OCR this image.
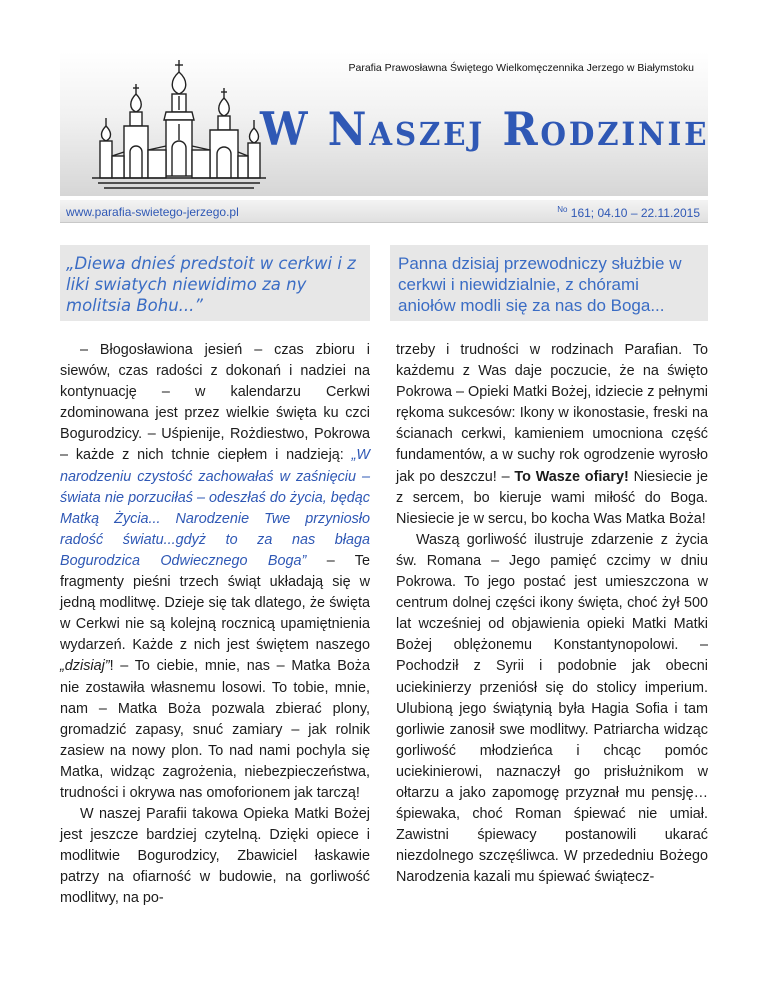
Parafia Prawosławna Świętego Wielkomęczennika Jerzego w Białymstoku
W Naszej Rodzinie
www.parafia-swietego-jerzego.pl	$^{No}$ 161; 04.10 – 22.11.2015
„Diewa dnieś predstoit w cerkwi i z liki swiatych niewidimo za ny molitsia Bohu...”
Panna dzisiaj przewodniczy służbie w cerkwi i niewidzialnie, z chórami aniołów modli się za nas do Boga...

– Błogosławiona jesień – czas zbioru i siewów, czas radości z dokonań i nadziei na kontynuację – w kalendarzu Cerkwi zdominowana jest przez wielkie święta ku czci Bogurodzicy. – Uśpienije, Rożdiestwo, Pokrowa – każde z nich tchnie ciepłem i nadzieją: „W narodzeniu czystość zachowałaś w zaśnięciu – świata nie porzuciłaś – odeszłaś do życia, będąc Matką Życia... Narodzenie Twe przyniosło radość światu...gdyż to za nas błaga Bogurodzica Odwiecznego Boga” – Te fragmenty pieśni trzech świąt układają się w jedną modlitwę. Dzieje się tak dlatego, że święta w Cerkwi nie są kolejną rocznicą upamiętnienia wydarzeń. Każde z nich jest świętem naszego „dzisiaj”! – To ciebie, mnie, nas – Matka Boża nie zostawiła własnemu losowi. To tobie, mnie, nam – Matka Boża pozwala zbierać plony, gromadzić zapasy, snuć zamiary – jak rolnik zasiew na nowy plon. To nad nami pochyla się Matka, widząc zagrożenia, niebezpieczeństwa, trudności i okrywa nas omoforionem jak tarczą!

W naszej Parafii takowa Opieka Matki Bożej jest jeszcze bardziej czytelną. Dzięki opiece i modlitwie Bogurodzicy, Zbawiciel łaskawie patrzy na ofiarność w budowie, na gorliwość modlitwy, na po-

trzeby i trudności w rodzinach Parafian. To każdemu z Was daje poczucie, że na święto Pokrowa – Opieki Matki Bożej, idziecie z pełnymi rękoma sukcesów: Ikony w ikonostasie, freski na ścianach cerkwi, kamieniem umocniona część fundamentów, a w suchy rok ogrodzenie wyrosło jak po deszczu! – To Wasze ofiary! Niesiecie je z sercem, bo kieruje wami miłość do Boga. Niesiecie je w sercu, bo kocha Was Matka Boża!

Waszą gorliwość ilustruje zdarzenie z życia św. Romana – Jego pamięć czcimy w dniu Pokrowa. To jego postać jest umieszczona w centrum dolnej części ikony święta, choć żył 500 lat wcześniej od objawienia opieki Matki Matki Bożej oblężonemu Konstantynopolowi. – Pochodził z Syrii i podobnie jak obecni uciekinierzy przeniósł się do stolicy imperium. Ulubioną jego świątynią była Hagia Sofia i tam gorliwie zanosił swe modlitwy. Patriarcha widząc gorliwość młodzieńca i chcąc pomóc uciekinierowi, naznaczył go prisłużnikom w ołtarzu a jako zapomogę przyznał mu pensję… śpiewaka, choć Roman śpiewać nie umiał. Zawistni śpiewacy postanowili ukarać niezdolnego szczęśliwca. W przededniu Bożego Narodzenia kazali mu śpiewać świątecz-
